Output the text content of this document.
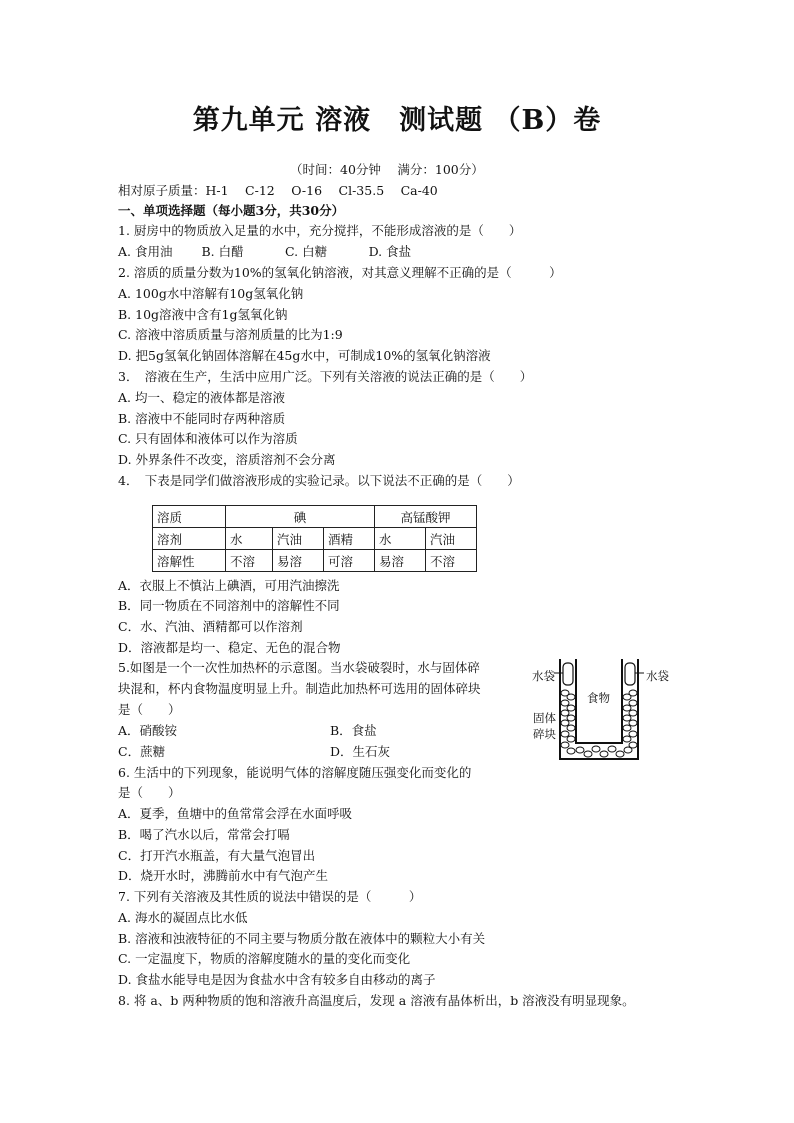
第九单元 溶液　测试题 （B）卷
（时间：40分钟　 满分：100分）
相对原子质量：H-1　 C-12　 O-16　 Cl-35.5　 Ca-40
一、单项选择题（每小题3分，共30分）
1. 厨房中的物质放入足量的水中，充分搅拌，不能形成溶液的是（　　）
A. 食用油　　 B. 白醋　　　 C. 白糖　　　 D. 食盐
2. 溶质的质量分数为10%的氢氧化钠溶液，对其意义理解不正确的是（　　　）
A. 100g水中溶解有10g氢氧化钠
B. 10g溶液中含有1g氢氧化钠
C. 溶液中溶质质量与溶剂质量的比为1:9
D. 把5g氢氧化钠固体溶解在45g水中，可制成10%的氢氧化钠溶液
3．　溶液在生产，生活中应用广泛。下列有关溶液的说法正确的是（　　）
A. 均一、稳定的液体都是溶液
B. 溶液中不能同时存两种溶质
C. 只有固体和液体可以作为溶质
D. 外界条件不改变，溶质溶剂不会分离
4．　下表是同学们做溶液形成的实验记录。以下说法不正确的是（　　）
溶质	碘			高锰酸钾	
溶剂	水	汽油	酒精	水	汽油
溶解性	不溶	易溶	可溶	易溶	不溶
A．衣服上不慎沾上碘酒，可用汽油擦洗
B．同一物质在不同溶剂中的溶解性不同
C．水、汽油、酒精都可以作溶剂
D．溶液都是均一、稳定、无色的混合物
5.如图是一个一次性加热杯的示意图。当水袋破裂时，水与固体碎
块混和，杯内食物温度明显上升。制造此加热杯可选用的固体碎块
是（　　）
A．硝酸铵	B．食盐
C．蔗糖	D．生石灰
水袋	水袋
食物
固体
碎块
6. 生活中的下列现象，能说明气体的溶解度随压强变化而变化的
是（　　）
A．夏季，鱼塘中的鱼常常会浮在水面呼吸
B．喝了汽水以后，常常会打嗝
C．打开汽水瓶盖，有大量气泡冒出
D．烧开水时，沸腾前水中有气泡产生
7. 下列有关溶液及其性质的说法中错误的是（　　　）
A. 海水的凝固点比水低
B. 溶液和浊液特征的不同主要与物质分散在液体中的颗粒大小有关
C. 一定温度下，物质的溶解度随水的量的变化而变化
D. 食盐水能导电是因为食盐水中含有较多自由移动的离子
8. 将 a、b 两种物质的饱和溶液升高温度后，发现 a 溶液有晶体析出，b 溶液没有明显现象。
